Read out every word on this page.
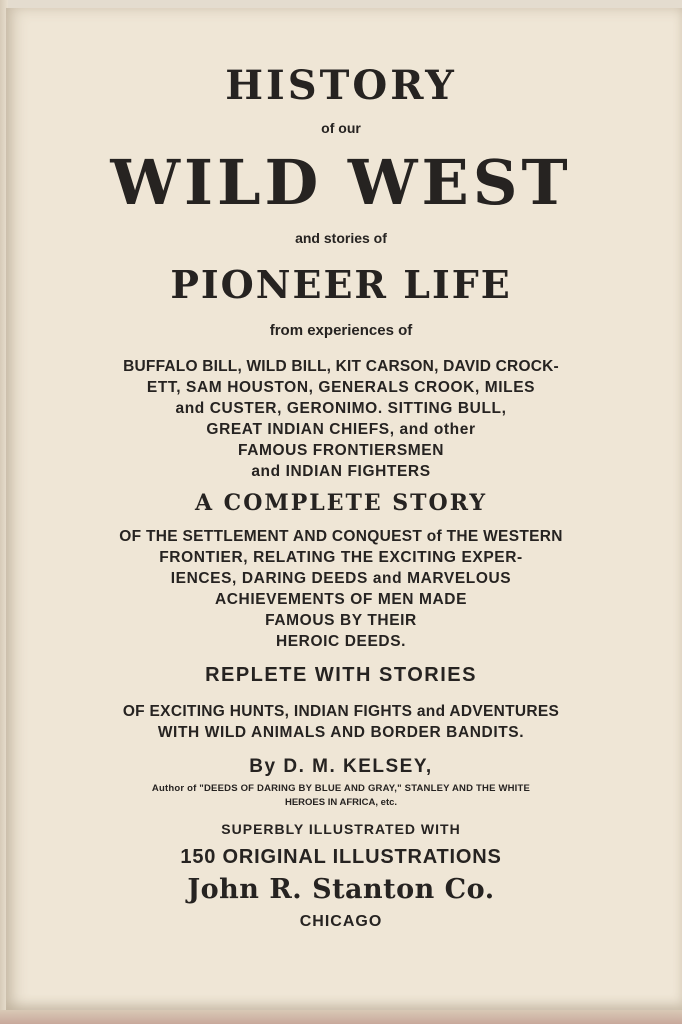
HISTORY

of our

WILD WEST

and stories of

PIONEER LIFE

from experiences of

BUFFALO BILL, WILD BILL, KIT CARSON, DAVID CROCK-

ETT, SAM HOUSTON, GENERALS CROOK, MILES

and CUSTER, GERONIMO. SITTING BULL,

GREAT INDIAN CHIEFS, and other

FAMOUS FRONTIERSMEN

and INDIAN FIGHTERS

A COMPLETE STORY

OF THE SETTLEMENT AND CONQUEST of THE WESTERN

FRONTIER, RELATING THE EXCITING EXPER-

IENCES, DARING DEEDS and MARVELOUS

ACHIEVEMENTS OF MEN MADE

FAMOUS BY THEIR

HEROIC DEEDS.

REPLETE WITH STORIES

OF EXCITING HUNTS, INDIAN FIGHTS and ADVENTURES

WITH WILD ANIMALS AND BORDER BANDITS.

By D. M. KELSEY,

Author of "DEEDS OF DARING BY BLUE AND GRAY," STANLEY AND THE WHITE

HEROES IN AFRICA, etc.

SUPERBLY ILLUSTRATED WITH

150 ORIGINAL ILLUSTRATIONS

John R. Stanton Co.

CHICAGO
